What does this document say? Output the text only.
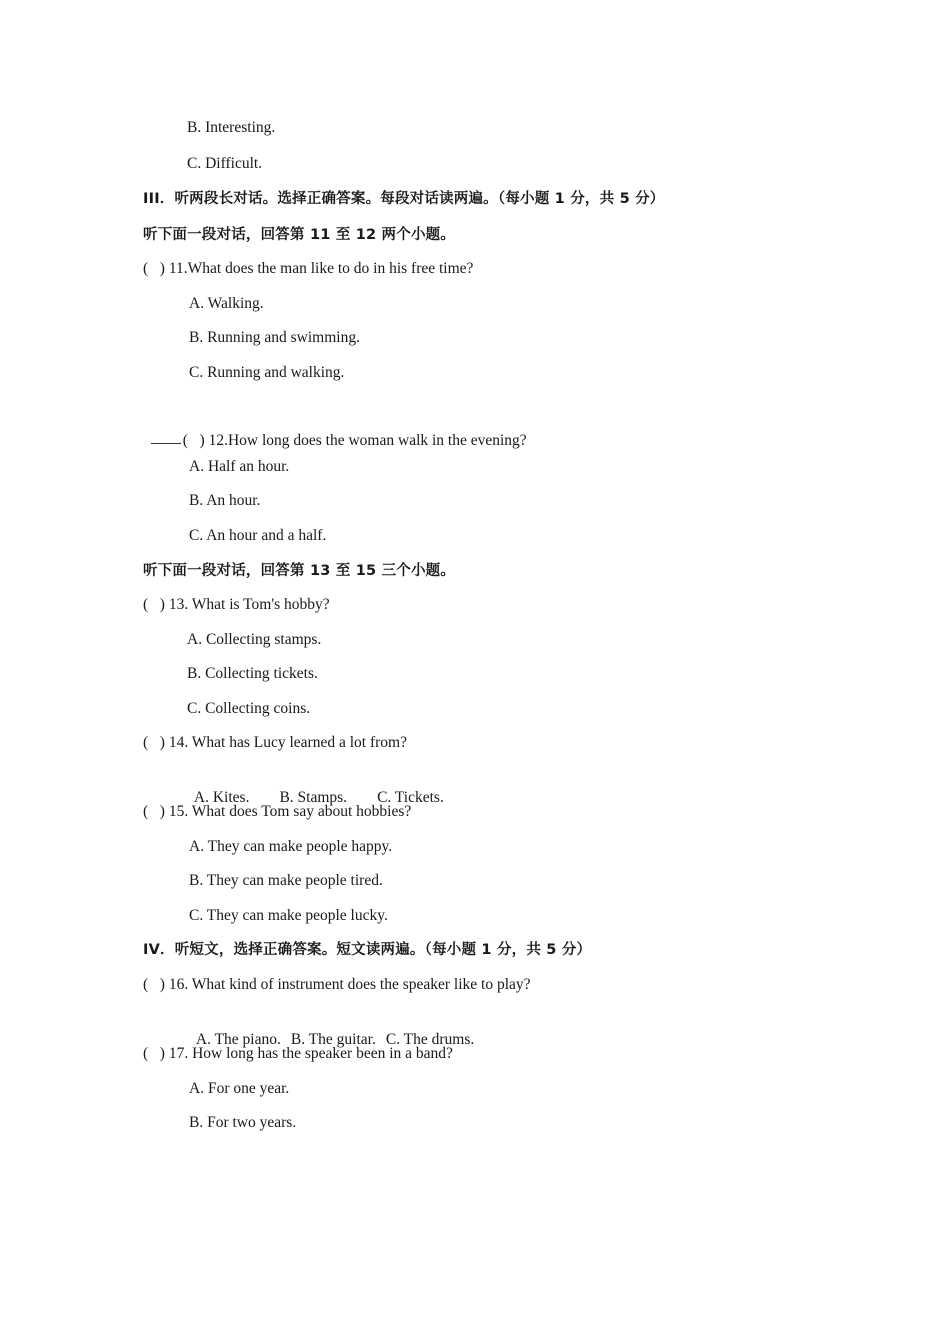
B. Interesting.
C. Difficult.
III．听两段长对话。选择正确答案。每段对话读两遍。（每小题 1 分，共 5 分）
听下面一段对话，回答第 11 至 12 两个小题。
(   ) 11.What does the man like to do in his free time?
A. Walking.
B. Running and swimming.
C. Running and walking.

(   ) 12.How long does the woman walk in the evening?

A. Half an hour.
B. An hour.
C. An hour and a half.
听下面一段对话，回答第 13 至 15 三个小题。
(   ) 13. What is Tom's hobby?
A. Collecting stamps.
B. Collecting tickets.
C. Collecting coins.
(   ) 14. What has Lucy learned a lot from?

A. Kites. B. Stamps. C. Tickets.

(   ) 15. What does Tom say about hobbies?
A. They can make people happy.
B. They can make people tired.
C. They can make people lucky.
IV．听短文，选择正确答案。短文读两遍。（每小题 1 分，共 5 分）
(   ) 16. What kind of instrument does the speaker like to play?

A. The piano. B. The guitar. C. The drums.

(   ) 17. How long has the speaker been in a band?
A. For one year.
B. For two years.
